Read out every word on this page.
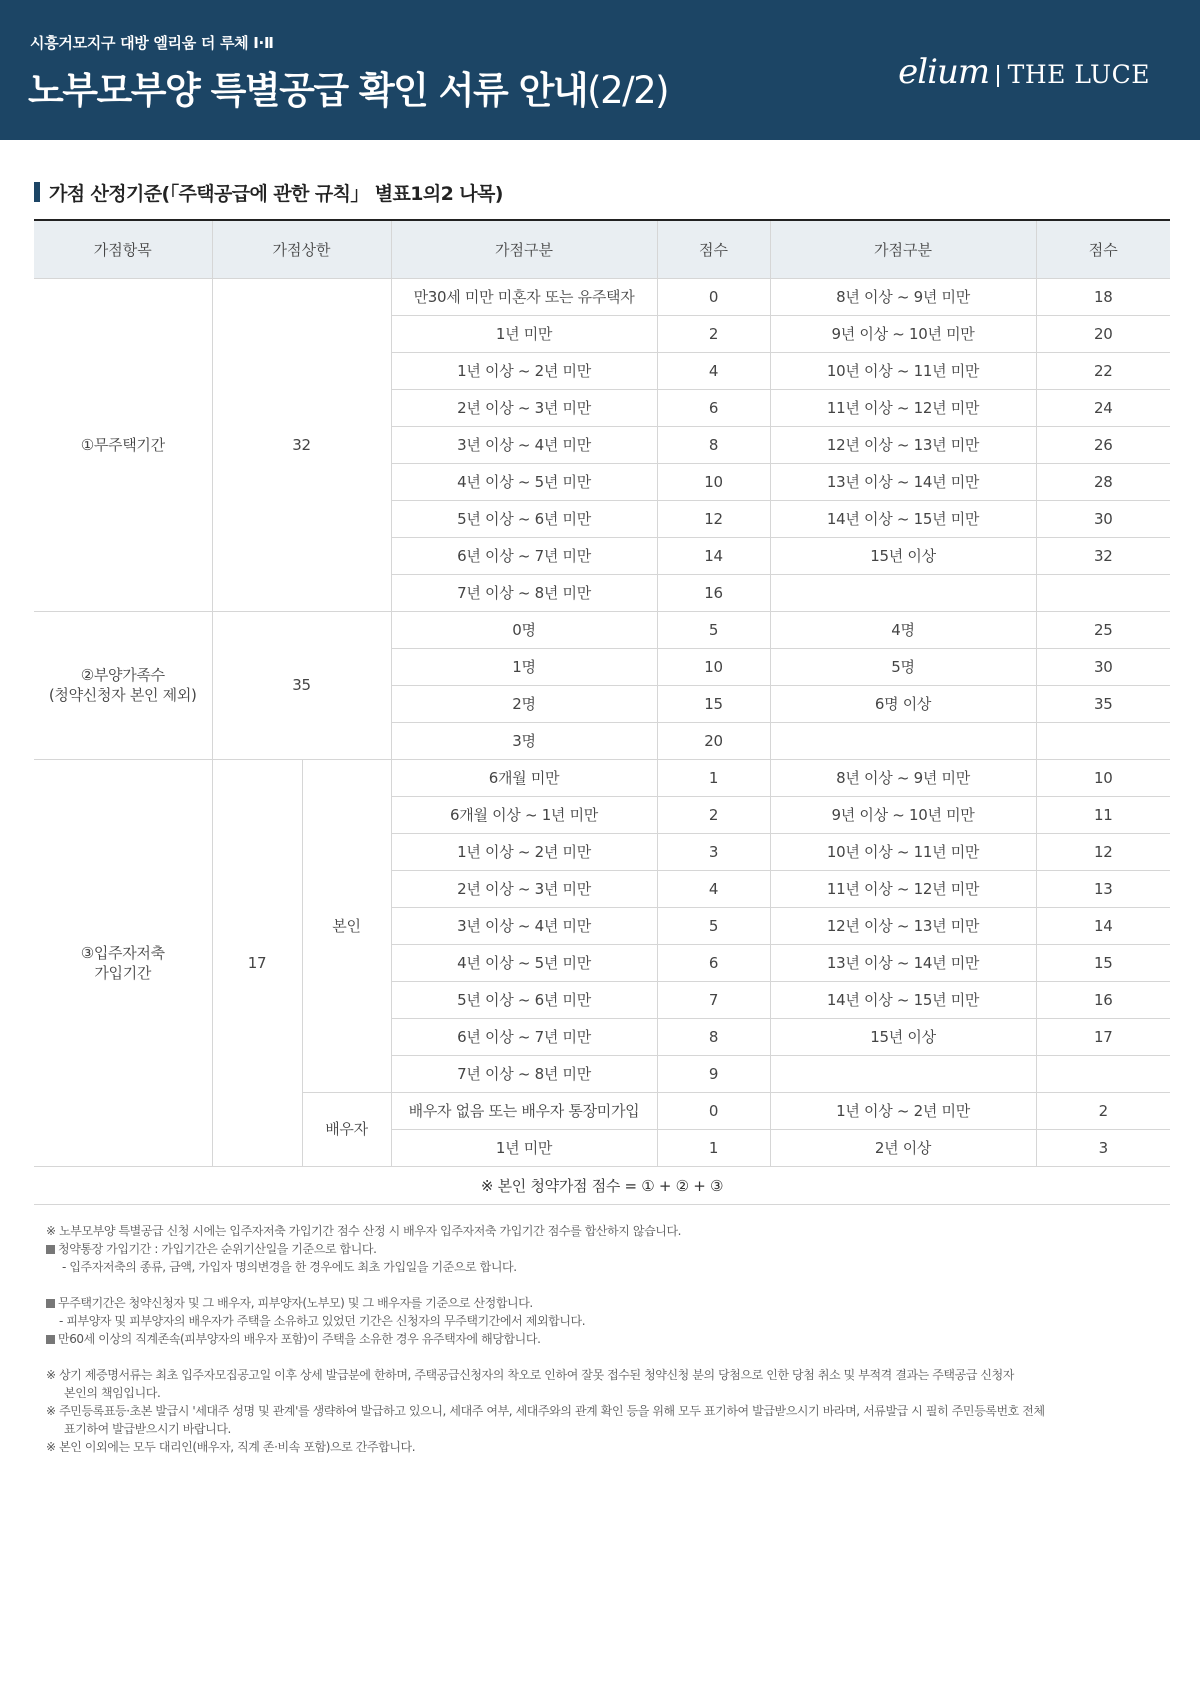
시흥거모지구 대방 엘리움 더 루체 Ⅰ·Ⅱ
노부모부양 특별공급 확인 서류 안내(2/2)	elium THE LUCE
가점 산정기준(「주택공급에 관한 규칙」 별표1의2 나목)
가점항목	가점상한		가점구분	점수	가점구분	점수
①무주택기간	32		만30세 미만 미혼자 또는 유주택자	0	8년 이상 ~ 9년 미만	18
			1년 미만	2	9년 이상 ~ 10년 미만	20
			1년 이상 ~ 2년 미만	4	10년 이상 ~ 11년 미만	22
			2년 이상 ~ 3년 미만	6	11년 이상 ~ 12년 미만	24
			3년 이상 ~ 4년 미만	8	12년 이상 ~ 13년 미만	26
			4년 이상 ~ 5년 미만	10	13년 이상 ~ 14년 미만	28
			5년 이상 ~ 6년 미만	12	14년 이상 ~ 15년 미만	30
			6년 이상 ~ 7년 미만	14	15년 이상	32
			7년 이상 ~ 8년 미만	16		
②부양가족수
(청약신청자 본인 제외)	35		0명	5	4명	25
			1명	10	5명	30
			2명	15	6명 이상	35
			3명	20		
③입주자저축
가입기간	17	본인	6개월 미만	1	8년 이상 ~ 9년 미만	10
			6개월 이상 ~ 1년 미만	2	9년 이상 ~ 10년 미만	11
			1년 이상 ~ 2년 미만	3	10년 이상 ~ 11년 미만	12
			2년 이상 ~ 3년 미만	4	11년 이상 ~ 12년 미만	13
			3년 이상 ~ 4년 미만	5	12년 이상 ~ 13년 미만	14
			4년 이상 ~ 5년 미만	6	13년 이상 ~ 14년 미만	15
			5년 이상 ~ 6년 미만	7	14년 이상 ~ 15년 미만	16
			6년 이상 ~ 7년 미만	8	15년 이상	17
			7년 이상 ~ 8년 미만	9		
		배우자	배우자 없음 또는 배우자 통장미가입	0	1년 이상 ~ 2년 미만	2
			1년 미만	1	2년 이상	3
※ 본인 청약가점 점수 = ① + ② + ③						
※ 노부모부양 특별공급 신청 시에는 입주자저축 가입기간 점수 산정 시 배우자 입주자저축 가입기간 점수를 합산하지 않습니다.
청약통장 가입기간 : 가입기간은 순위기산일을 기준으로 합니다.
- 입주자저축의 종류, 금액, 가입자 명의변경을 한 경우에도 최초 가입일을 기준으로 합니다.
무주택기간은 청약신청자 및 그 배우자, 피부양자(노부모) 및 그 배우자를 기준으로 산정합니다.
- 피부양자 및 피부양자의 배우자가 주택을 소유하고 있었던 기간은 신청자의 무주택기간에서 제외합니다.
만60세 이상의 직계존속(피부양자의 배우자 포함)이 주택을 소유한 경우 유주택자에 해당합니다.
※ 상기 제증명서류는 최초 입주자모집공고일 이후 상세 발급분에 한하며, 주택공급신청자의 착오로 인하여 잘못 접수된 청약신청 분의 당첨으로 인한 당첨 취소 및 부적격 결과는 주택공급 신청자
본인의 책임입니다.
※ 주민등록표등·초본 발급시 '세대주 성명 및 관계'를 생략하여 발급하고 있으니, 세대주 여부, 세대주와의 관계 확인 등을 위해 모두 표기하여 발급받으시기 바라며, 서류발급 시 필히 주민등록번호 전체
표기하여 발급받으시기 바랍니다.
※ 본인 이외에는 모두 대리인(배우자, 직계 존·비속 포함)으로 간주합니다.
